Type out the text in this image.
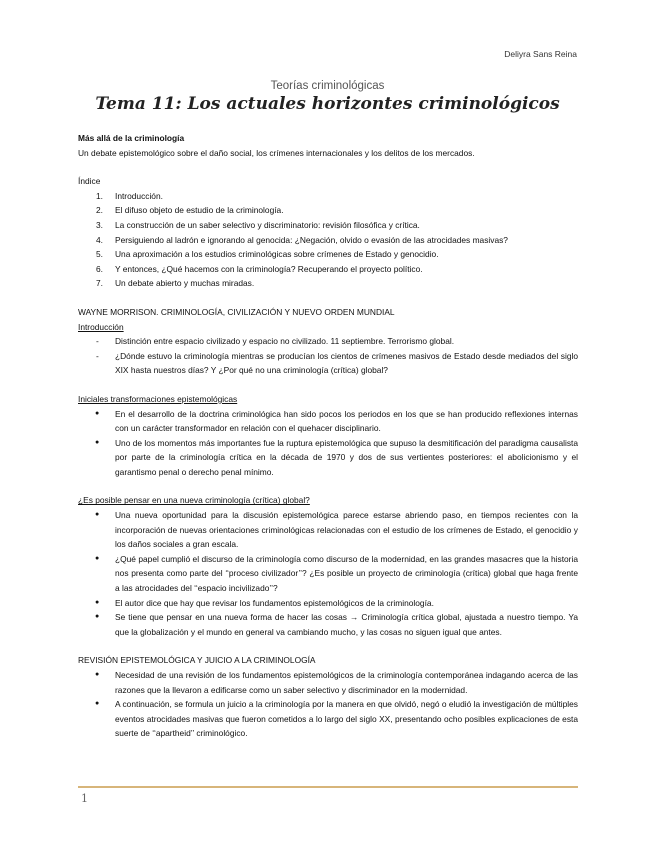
Deliyra Sans Reina
Teorías criminológicas
Tema 11: Los actuales horizontes criminológicos

Más allá de la criminología

Un debate epistemológico sobre el daño social, los crímenes internacionales y los delitos de los mercados.

Índice

1. Introducción.
2. El difuso objeto de estudio de la criminología.
3. La construcción de un saber selectivo y discriminatorio: revisión filosófica y crítica.
4. Persiguiendo al ladrón e ignorando al genocida: ¿Negación, olvido o evasión de las atrocidades masivas?
5. Una aproximación a los estudios criminológicas sobre crímenes de Estado y genocidio.
6. Y entonces, ¿Qué hacemos con la criminología? Recuperando el proyecto político.
7. Un debate abierto y muchas miradas.

WAYNE MORRISON. CRIMINOLOGÍA, CIVILIZACIÓN Y NUEVO ORDEN MUNDIAL

Introducción

- Distinción entre espacio civilizado y espacio no civilizado. 11 septiembre. Terrorismo global.
- ¿Dónde estuvo la criminología mientras se producían los cientos de crímenes masivos de Estado desde mediados del siglo XIX hasta nuestros días? Y ¿Por qué no una criminología (crítica) global?

Iniciales transformaciones epistemológicas

● En el desarrollo de la doctrina criminológica han sido pocos los periodos en los que se han producido reflexiones internas con un carácter transformador en relación con el quehacer disciplinario.
● Uno de los momentos más importantes fue la ruptura epistemológica que supuso la desmitificación del paradigma causalista por parte de la criminología crítica en la década de 1970 y dos de sus vertientes posteriores: el abolicionismo y el garantismo penal o derecho penal mínimo.

¿Es posible pensar en una nueva criminología (crítica) global?

● Una nueva oportunidad para la discusión epistemológica parece estarse abriendo paso, en tiempos recientes con la incorporación de nuevas orientaciones criminológicas relacionadas con el estudio de los crímenes de Estado, el genocidio y los daños sociales a gran escala.
● ¿Qué papel cumplió el discurso de la criminología como discurso de la modernidad, en las grandes masacres que la historia nos presenta como parte del ‘‘proceso civilizador’’? ¿Es posible un proyecto de criminología (crítica) global que haga frente a las atrocidades del ‘‘espacio incivilizado’’?
● El autor dice que hay que revisar los fundamentos epistemológicos de la criminología.
● Se tiene que pensar en una nueva forma de hacer las cosas → Criminología crítica global, ajustada a nuestro tiempo. Ya que la globalización y el mundo en general va cambiando mucho, y las cosas no siguen igual que antes.

REVISIÓN EPISTEMOLÓGICA Y JUICIO A LA CRIMINOLOGÍA

● Necesidad de una revisión de los fundamentos epistemológicos de la criminología contemporánea indagando acerca de las razones que la llevaron a edificarse como un saber selectivo y discriminador en la modernidad.
● A continuación, se formula un juicio a la criminología por la manera en que olvidó, negó o eludió la investigación de múltiples eventos atrocidades masivas que fueron cometidos a lo largo del siglo XX, presentando ocho posibles explicaciones de esta suerte de ‘‘apartheid’’ criminológico.
1
